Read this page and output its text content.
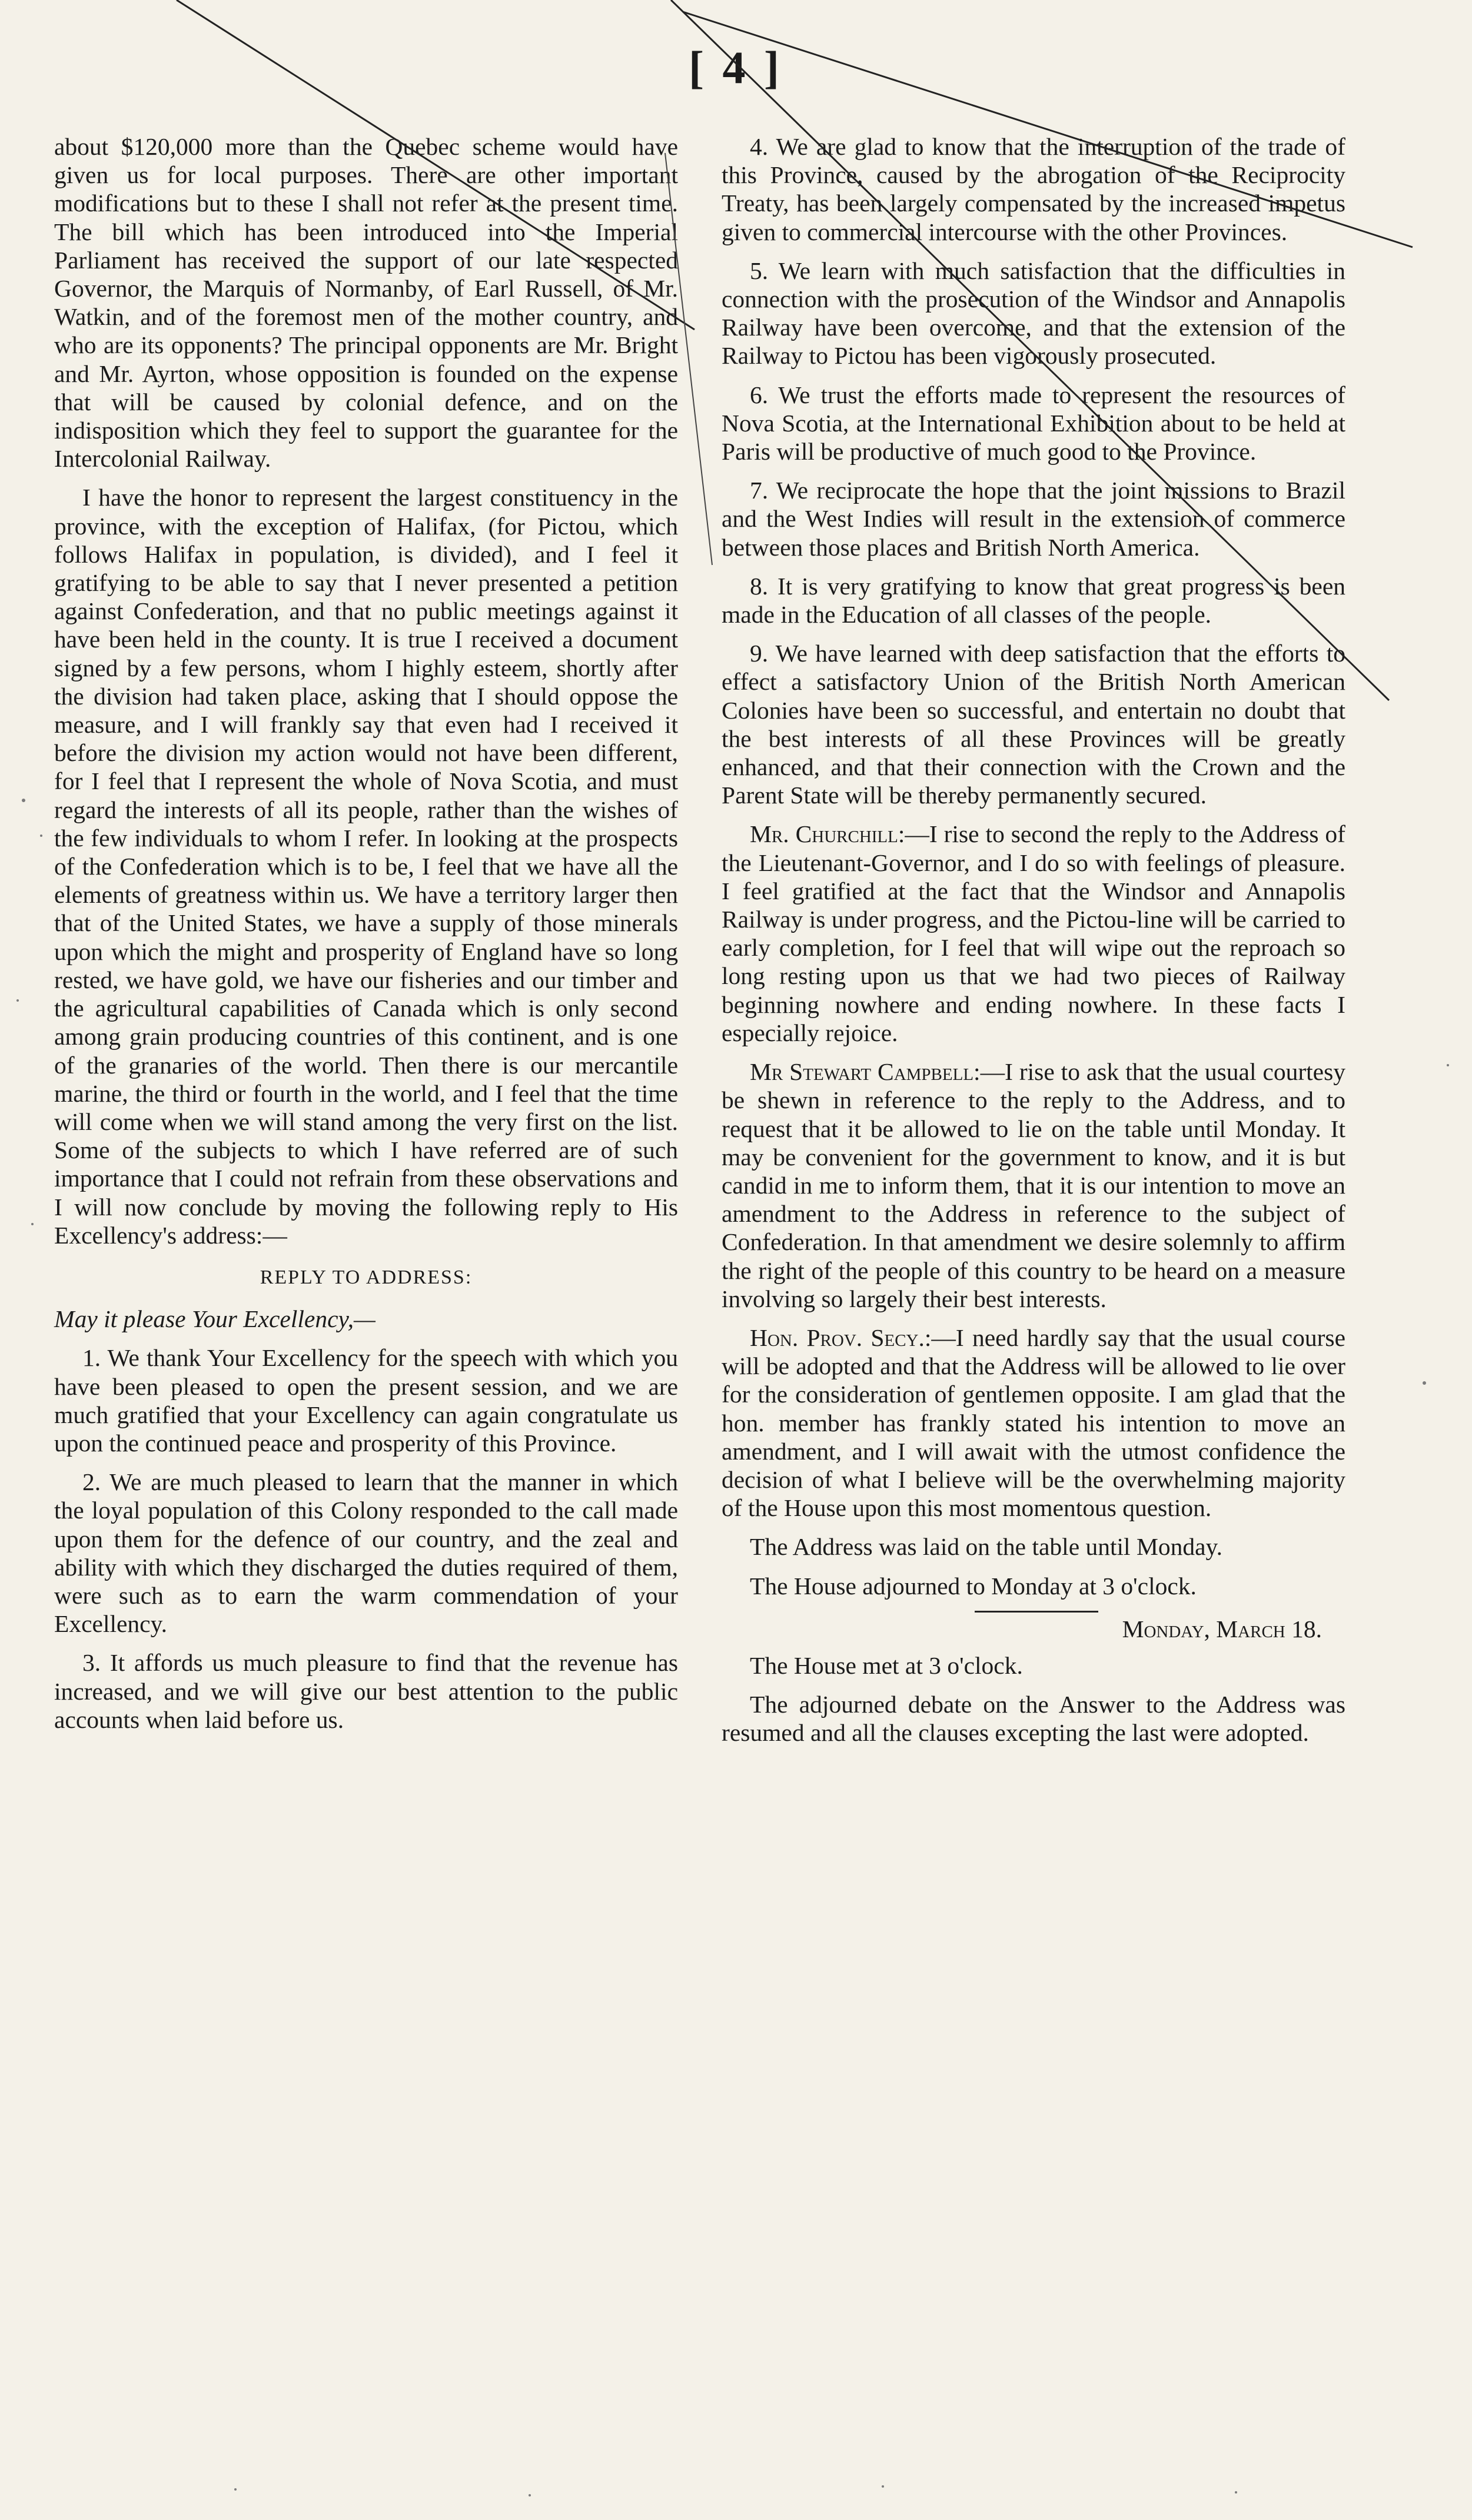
[ 4 ]

about $120,000 more than the Quebec scheme would have given us for local purposes. There are other important modifications but to these I shall not refer at the present time. The bill which has been introduced into the Imperial Parliament has received the support of our late respected Governor, the Marquis of Normanby, of Earl Russell, of Mr. Watkin, and of the foremost men of the mother country, and who are its opponents? The principal opponents are Mr. Bright and Mr. Ayrton, whose opposition is founded on the expense that will be caused by colonial defence, and on the indisposition which they feel to support the guarantee for the Intercolonial Railway.

I have the honor to represent the largest constituency in the province, with the exception of Halifax, (for Pictou, which follows Halifax in population, is divided), and I feel it gratifying to be able to say that I never presented a petition against Confederation, and that no public meetings against it have been held in the county. It is true I received a document signed by a few persons, whom I highly esteem, shortly after the division had taken place, asking that I should oppose the measure, and I will frankly say that even had I received it before the division my action would not have been different, for I feel that I represent the whole of Nova Scotia, and must regard the interests of all its people, rather than the wishes of the few individuals to whom I refer. In looking at the prospects of the Confederation which is to be, I feel that we have all the elements of greatness within us. We have a territory larger then that of the United States, we have a supply of those minerals upon which the might and prosperity of England have so long rested, we have gold, we have our fisheries and our timber and the agricultural capabilities of Canada which is only second among grain producing countries of this continent, and is one of the granaries of the world. Then there is our mercantile marine, the third or fourth in the world, and I feel that the time will come when we will stand among the very first on the list. Some of the subjects to which I have referred are of such importance that I could not refrain from these observations and I will now conclude by moving the following reply to His Excellency's address:—

REPLY TO ADDRESS:
May it please Your Excellency,—

1. We thank Your Excellency for the speech with which you have been pleased to open the present session, and we are much gratified that your Excellency can again congratulate us upon the continued peace and prosperity of this Province.

2. We are much pleased to learn that the manner in which the loyal population of this Colony responded to the call made upon them for the defence of our country, and the zeal and ability with which they discharged the duties required of them, were such as to earn the warm commendation of your Excellency.

3. It affords us much pleasure to find that the revenue has increased, and we will give our best attention to the public accounts when laid before us.

4. We are glad to know that the interruption of the trade of this Province, caused by the abrogation of the Reciprocity Treaty, has been largely compensated by the increased impetus given to commercial intercourse with the other Provinces.

5. We learn with much satisfaction that the difficulties in connection with the prosecution of the Windsor and Annapolis Railway have been overcome, and that the extension of the Railway to Pictou has been vigorously prosecuted.

6. We trust the efforts made to represent the resources of Nova Scotia, at the International Exhibition about to be held at Paris will be productive of much good to the Province.

7. We reciprocate the hope that the joint missions to Brazil and the West Indies will result in the extension of commerce between those places and British North America.

8. It is very gratifying to know that great progress is been made in the Education of all classes of the people.

9. We have learned with deep satisfaction that the efforts to effect a satisfactory Union of the British North American Colonies have been so successful, and entertain no doubt that the best interests of all these Provinces will be greatly enhanced, and that their connection with the Crown and the Parent State will be thereby permanently secured.

Mr. Churchill:—I rise to second the reply to the Address of the Lieutenant-Governor, and I do so with feelings of pleasure. I feel gratified at the fact that the Windsor and Annapolis Railway is under progress, and the Pictou-line will be carried to early completion, for I feel that will wipe out the reproach so long resting upon us that we had two pieces of Railway beginning nowhere and ending nowhere. In these facts I especially rejoice.

Mr Stewart Campbell:—I rise to ask that the usual courtesy be shewn in reference to the reply to the Address, and to request that it be allowed to lie on the table until Monday. It may be convenient for the government to know, and it is but candid in me to inform them, that it is our intention to move an amendment to the Address in reference to the subject of Confederation. In that amendment we desire solemnly to affirm the right of the people of this country to be heard on a measure involving so largely their best interests.

Hon. Prov. Secy.:—I need hardly say that the usual course will be adopted and that the Address will be allowed to lie over for the consideration of gentlemen opposite. I am glad that the hon. member has frankly stated his intention to move an amendment, and I will await with the utmost confidence the decision of what I believe will be the overwhelming majority of the House upon this most momentous question.

The Address was laid on the table until Monday.

The House adjourned to Monday at 3 o'clock.

Monday, March 18.

The House met at 3 o'clock.

The adjourned debate on the Answer to the Address was resumed and all the clauses excepting the last were adopted.
